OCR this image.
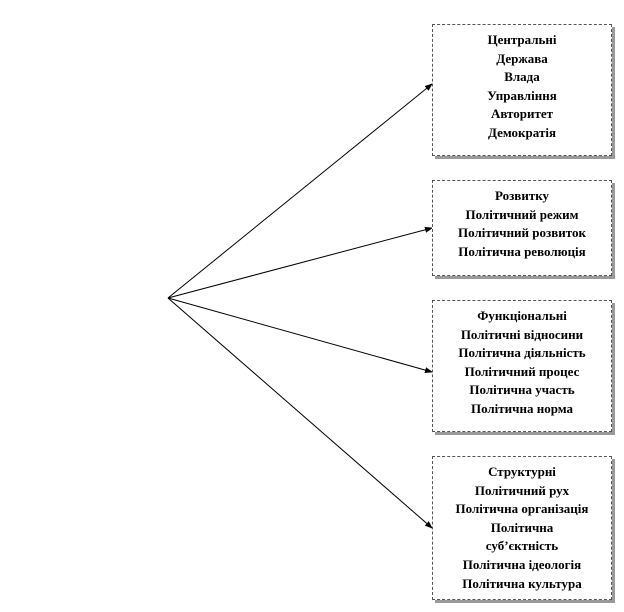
Центральні
Держава
Влада
Управління
Авторитет
Демократія
Розвитку
Політичний режим
Політичний розвиток
Політична революція
Функціональні
Політичні відносини
Політична діяльність
Політичний процес
Політична участь
Політична норма
Структурні
Політичний рух
Політична організація
Політична
суб’єктність
Політична ідеологія
Політична культура
